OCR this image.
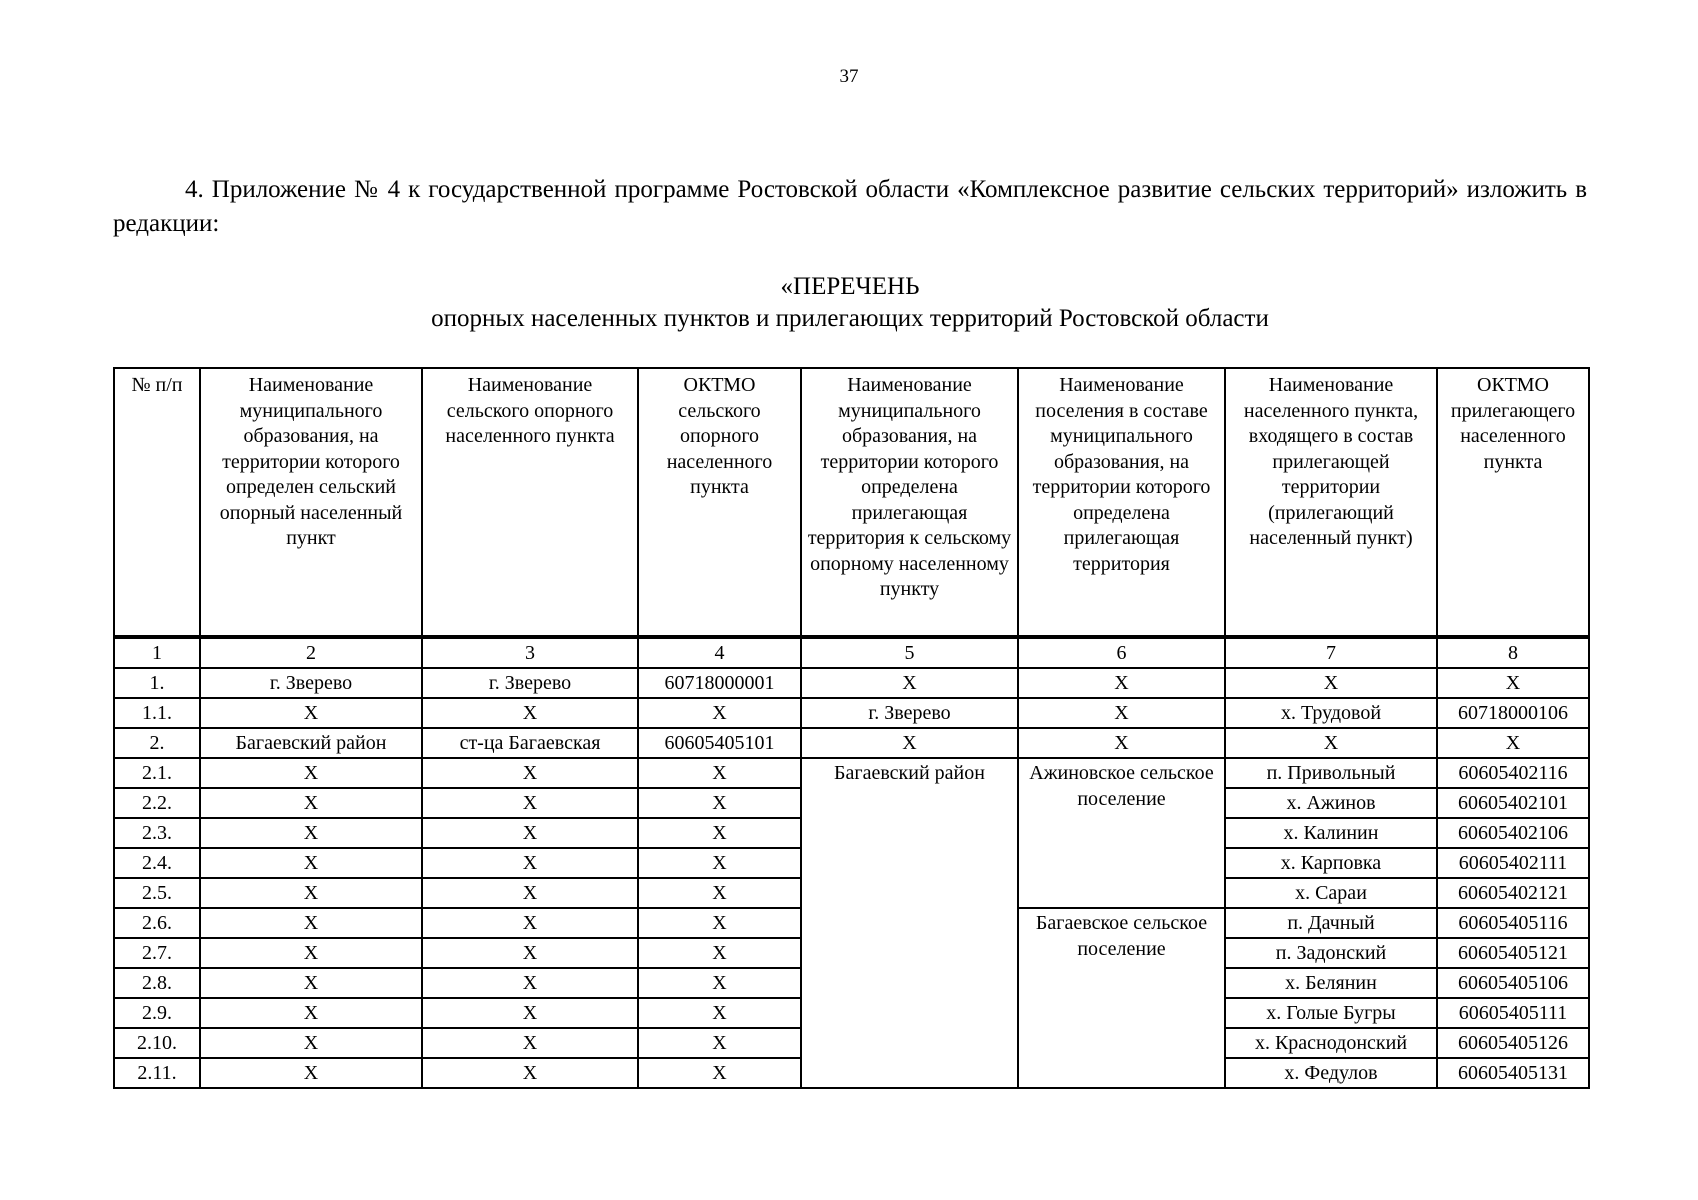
37
4. Приложение № 4 к государственной программе Ростовской области «Комплексное развитие сельских территорий» изложить в редакции:
«ПЕРЕЧЕНЬ
опорных населенных пунктов и прилегающих территорий Ростовской области
№ п/п	Наименование муниципального образования, на территории которого определен сельский опорный населенный пункт	Наименование сельского опорного населенного пункта	ОКТМО сельского опорного населенного пункта	Наименование муниципального образования, на территории которого определена прилегающая территория к сельскому опорному населенному пункту	Наименование поселения в составе муниципального образования, на территории которого определена прилегающая территория	Наименование населенного пункта, входящего в состав прилегающей территории (прилегающий населенный пункт)	ОКТМО прилегающего населенного пункта
1	2	3	4	5	6	7	8
1.	г. Зверево	г. Зверево	60718000001	X	X	X	X
1.1.	X	X	X	г. Зверево	X	х. Трудовой	60718000106
2.	Багаевский район	ст-ца Багаевская	60605405101	X	X	X	X
2.1.	X	X	X	Багаевский район	Ажиновское сельское поселение	п. Привольный	60605402116
2.2.	X	X	X			х. Ажинов	60605402101
2.3.	X	X	X			х. Калинин	60605402106
2.4.	X	X	X			х. Карповка	60605402111
2.5.	X	X	X			х. Сараи	60605402121
2.6.	X	X	X		Багаевское сельское поселение	п. Дачный	60605405116
2.7.	X	X	X			п. Задонский	60605405121
2.8.	X	X	X			х. Белянин	60605405106
2.9.	X	X	X			х. Голые Бугры	60605405111
2.10.	X	X	X			х. Краснодонский	60605405126
2.11.	X	X	X			х. Федулов	60605405131
